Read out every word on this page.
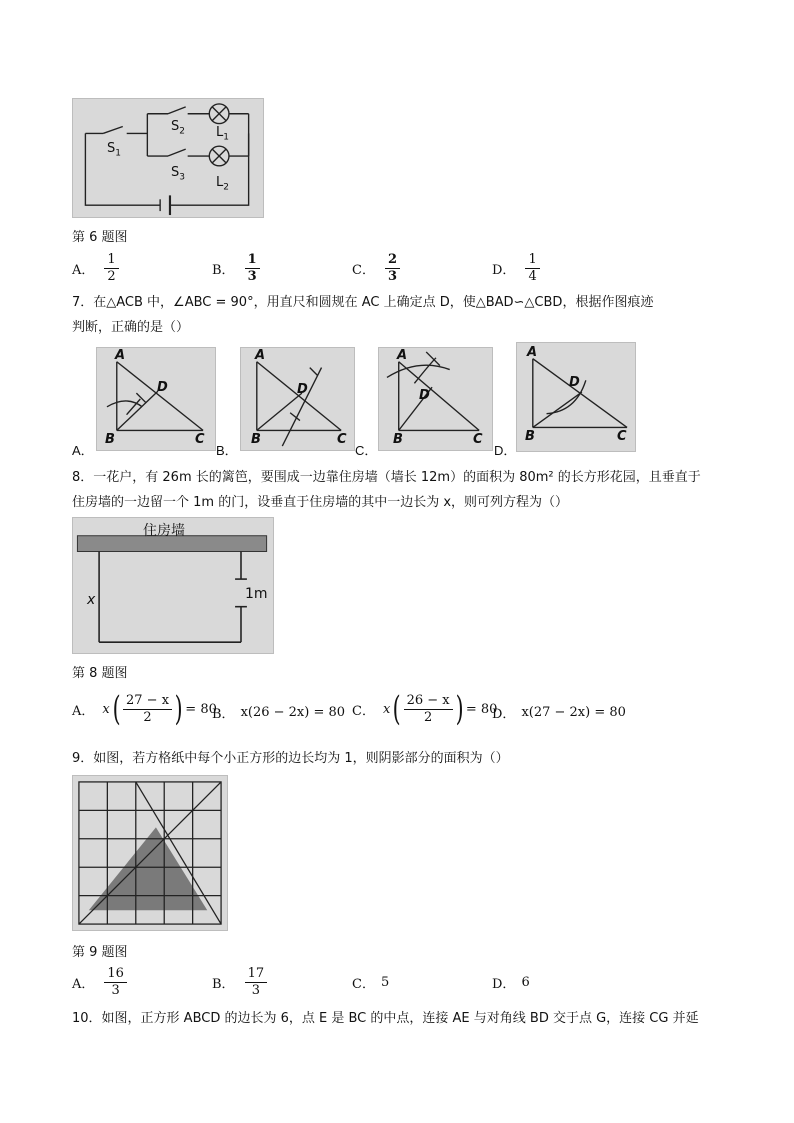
$S_1$
$S_2$
$S_3$
$L_1$
$L_2$
第 6 题图
A． $\frac{1}{2}$	B． $\frac{1}{3}$	C． $\frac{2}{3}$	D． $\frac{1}{4}$
7．在△ACB 中，∠ABC = 90°，用直尺和圆规在 AC 上确定点 D，使△BAD∽△CBD，根据作图痕迹
判断，正确的是（）
A
D
B	C
A．
A
D
B	C
B．
A
D
B	C
C．
A
D
B	C
D．
8．一花户，有 26m 长的篱笆，要围成一边靠住房墙（墙长 12m）的面积为 80m² 的长方形花园，且垂直于
住房墙的一边留一个 1m 的门，设垂直于住房墙的其中一边长为 x，则可列方程为（）
住房墙
x	1m
第 8 题图
A． x ( $\frac{27 - x}{2}$ ) = 80
B． x(26 − 2x) = 80 C． x ( $\frac{26 - x}{2}$ ) = 80
D． x(27 − 2x) = 80
9．如图，若方格纸中每个小正方形的边长均为 1，则阴影部分的面积为（）
第 9 题图
A． $\frac{16}{3}$	B． $\frac{17}{3}$	C． 5	D． 6
10．如图，正方形 ABCD 的边长为 6，点 E 是 BC 的中点，连接 AE 与对角线 BD 交于点 G，连接 CG 并延
